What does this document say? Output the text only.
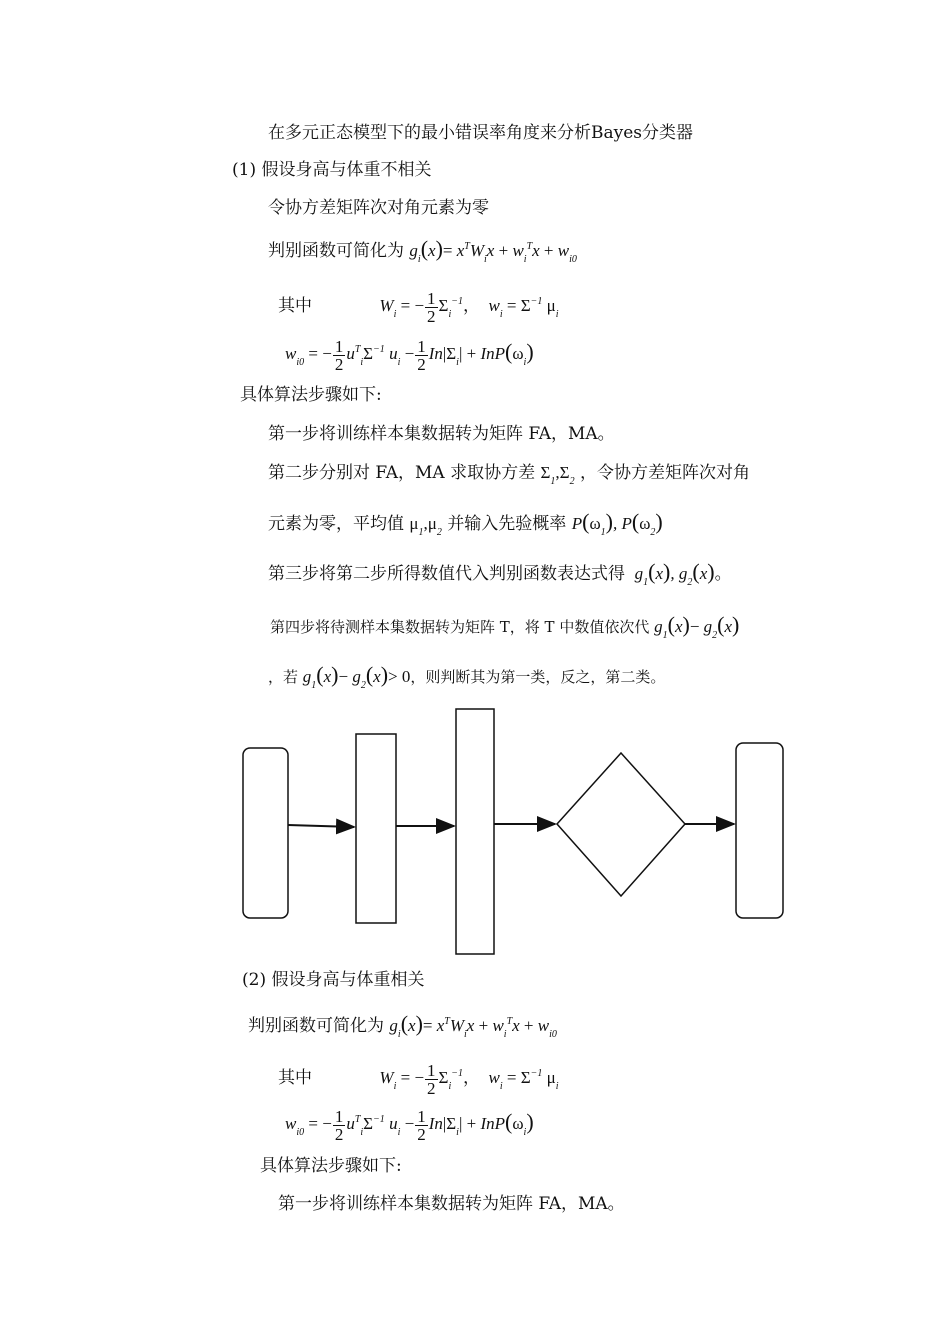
在多元正态模型下的最小错误率角度来分析Bayes分类器
(1) 假设身高与体重不相关
令协方差矩阵次对角元素为零
判别函数可简化为 $g_i(x)= x^TW_ix + w_i^Tx + w_{i0}$
其中	$W_i$ = − $\frac{1}{2} \Sigma_i^{-1}$，  $w_i = \Sigma^{-1}$ $\mu_i$
$w_{i0}$ = − $\frac{1}{2} u^T_i\Sigma^{-1}$ $u_i - \frac{1}{2} In|\Sigma_i| + InP(\omega_i)$
具体算法步骤如下:
第一步将训练样本集数据转为矩阵 FA，MA。
第二步分别对 FA，MA 求取协方差 $\Sigma_1,\Sigma_2$ ，令协方差矩阵次对角
元素为零，平均值 $\mu_1,\mu_2$ 并输入先验概率 $P(\omega_1)$, $P(\omega_2)$
第三步将第二步所得数值代入判别函数表达式得  $g_1(x)$, $g_2(x)$。
第四步将待测样本集数据转为矩阵 T，将 T 中数值依次代 $g_1(x)- g_2(x)$
，若 $g_1(x)- g_2(x)> 0$，则判断其为第一类，反之，第二类。
(2) 假设身高与体重相关
判别函数可简化为 $g_i(x)= x^TW_ix + w_i^Tx + w_{i0}$
其中	$W_i$ = − $\frac{1}{2} \Sigma_i^{-1}$，  $w_i = \Sigma^{-1}$ $\mu_i$
$w_{i0}$ = − $\frac{1}{2} u^T_i\Sigma^{-1}$ $u_i - \frac{1}{2} In|\Sigma_i| + InP(\omega_i)$
具体算法步骤如下:
第一步将训练样本集数据转为矩阵 FA，MA。
